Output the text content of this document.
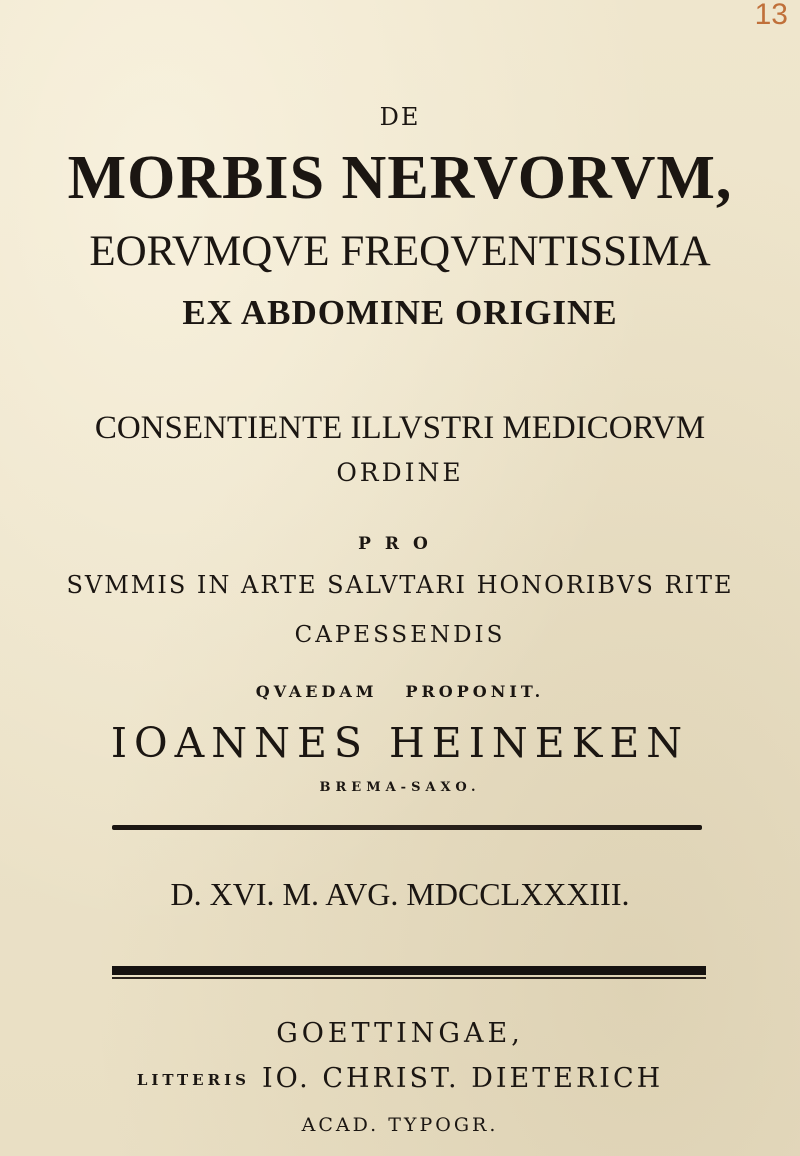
13
DE
MORBIS NERVORVM,
EORVMQVE FREQVENTISSIMA
EX ABDOMINE ORIGINE
CONSENTIENTE ILLVSTRI MEDICORVM
ORDINE
PRO
SVMMIS IN ARTE SALVTARI HONORIBVS RITE
CAPESSENDIS
QVAEDAM PROPONIT.
IOANNES HEINEKEN
BREMA-SAXO.
D. XVI. M. AVG. MDCCLXXXIII.
GOETTINGAE,
LITTERIS IO. CHRIST. DIETERICH
ACAD. TYPOGR.
